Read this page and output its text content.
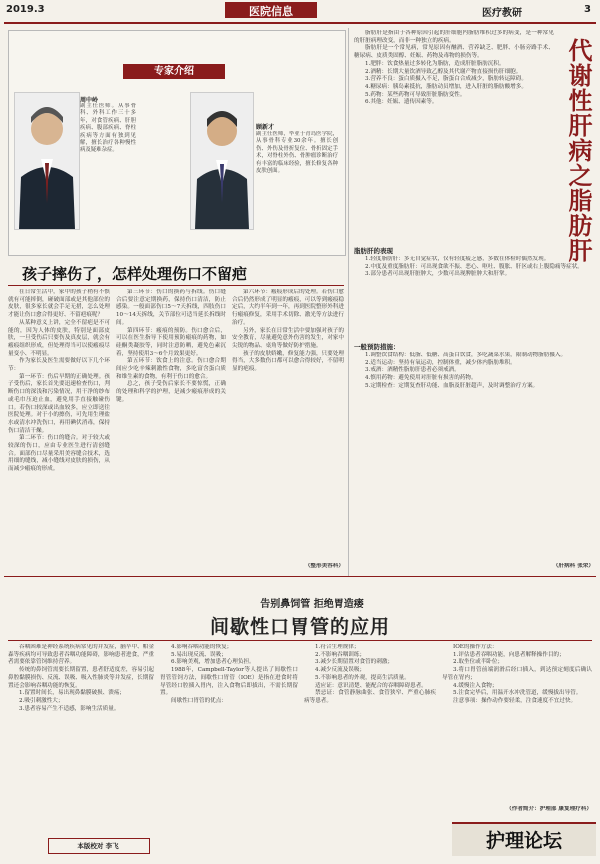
2019.3	医院信息	医疗教研	3
专家介绍
周中岭
副主任医师。从事骨科、外科工作三十多年，对食管疾病、肝胆疾病、腹部疾病、脊柱疾病等方面有独到见解，擅长治疗各种慢性病及疑难杂症。
顾新才
副主任医师，毕业于青岛医学院，从事骨科专业30余年。擅长创伤、外伤及骨折复位、骨折固定手术，对脊柱外伤、骨肿瘤诊断治疗有丰富的临床经验，擅长修复各种皮肤创面。
孩子摔伤了，怎样处理伤口不留疤

在日常生活中，家中的孩子稍有不慎就有可能摔倒，碰破面部或是其他部位的皮肤，很多家长就会手足无措，怎么处理才能让伤口愈合得更好、不留疤痕呢？

从某种意义上讲，完全不留疤是不可能的，因为人体的皮肤，特别是面部皮肤，一旦受伤后只要伤及真皮层，就会有瘢痕组织形成，但处理得当可以使瘢痕尽量变小、不明显。

作为家长及医生需要做好以下几个环节：

第一环节：伤后早期的正确处理。孩子受伤后，家长首先要迅速检查伤口，判断伤口的深浅和污染情况，用干净的纱布或毛巾压迫止血，避免用手直接触碰伤口。若伤口较深或出血较多，应立即送往医院处理。对于小的擦伤，可先用生理盐水或清水冲洗伤口，再用碘伏消毒，保持伤口清洁干燥。

第二环节：伤口的缝合。对于较大或较深的伤口，应由专业医生进行清创缝合。面部伤口尽量采用美容缝合技术，选用细的缝线，减小缝线对皮肤的损伤，从而减少瘢痕的形成。

第三环节：伤口的换药与拆线。伤口缝合后要注意定期换药，保持伤口清洁，防止感染。一般面部伤口5～7天拆线，四肢伤口10～14天拆线，关节部位可适当延长拆线时间。

第四环节：瘢痕的预防。伤口愈合后，可以在医生指导下使用预防瘢痕的药物，如硅酮类凝胶等，同时注意防晒，避免色素沉着，坚持使用3～6个月效果更好。

第五环节：饮食上的注意。伤口愈合期间应少吃辛辣刺激性食物，多吃富含蛋白质和维生素的食物，有利于伤口的愈合。

总之，孩子受伤后家长不要惊慌，正确的处理和科学的护理，是减少瘢痕形成的关键。

第六环节：瘢痕形成后的处理。若伤口愈合后仍然形成了明显的瘢痕，可以等到瘢痕稳定后，大约半年到一年，再到医院整形外科进行瘢痕修复，采用手术切除、激光等方法进行治疗。

另外，家长在日常生活中要加强对孩子的安全教育，尽量避免意外伤害的发生，对家中尖锐的物品、桌角等做好防护措施。

孩子的皮肤娇嫩，修复能力强，只要处理得当，大多数伤口都可以愈合得较好，不留明显的疤痕。

（整形美容科）
代谢性肝病之脂肪肝

脂肪肝是指由于各种原因引起的肝细胞内脂肪堆积过多的病变，是一种常见的肝脏病理改变，而非一种独立的疾病。

脂肪肝是一个常见病，常见原因有酗酒、营养缺乏、肥胖、小肠旁路手术、糖尿病、皮质类固醇、妊娠、药物及毒物的损伤等。

1.肥胖：饮食热量过多转化为脂肪，造成肝脏脂肪沉积。

2.酒精：长期大量饮酒导致乙醇及其代谢产物直接损伤肝细胞。

3.营养不良：蛋白质摄入不足，脂蛋白合成减少，脂肪转运障碍。

4.糖尿病：胰岛素抵抗，脂肪动员增加，进入肝脏的脂肪酸增多。

5.药物：某些药物可导致肝脏脂肪变性。

6.其他：妊娠、遗传因素等。

脂肪肝的表现

1.轻度脂肪肝：多无自觉症状，仅有轻度疲乏感，多数在体检时偶然发现。

2.中度及重度脂肪肝：可出现食欲不振、恶心、呕吐、腹胀、肝区或右上腹隐痛等症状。

3.部分患者可出现肝脏肿大，少数可出现脾脏肿大和肝掌。

一般预防措施：

1.调整饮食结构：低脂、低糖、高蛋白饮食，多吃蔬菜水果，限制动物脂肪摄入。

2.适当运动：坚持有氧运动，控制体重，减少体内脂肪堆积。

3.戒酒：酒精性脂肪肝患者必须戒酒。

4.慎用药物：避免使用对肝脏有损害的药物。

5.定期检查：定期复查肝功能、血脂及肝脏超声，及时调整治疗方案。

（肝病科 张荣）
告别鼻饲管 拒绝胃造瘘
间歇性口胃管的应用

吞咽困难是神经系统疾病常见的并发症，脑卒中、帕金森等疾病均可导致患者吞咽功能障碍，影响患者进食，严重者需要依靠管饲维持营养。

传统的鼻饲管需要长期留置，患者舒适度差，容易引起鼻腔黏膜损伤、反流、误吸、吸入性肺炎等并发症，长期留置还会影响吞咽功能的恢复。

1.留置时间长，易出现鼻黏膜破损、溃疡；

2.吸引刺激性大；

3.患者容易产生不适感，影响生活质量。

本版校对 李飞

4.影响吞咽功能的恢复；

5.易出现反流、误吸；

6.影响美观，增加患者心理负担。

1988年，Campbell-Taylor等人提出了间歇性口胃管管饲方法，间歇性口胃管（IOE）是指在进食时将导管经口腔插入胃内，注入食物后即拔出，不需长期留置。

间歇性口胃管的优点：

1.符合生理规律；

2.不影响吞咽训练；

3.减少长期留置对食管的刺激；

4.减少反流及误吸；

5.不影响患者的外观，提高生活质量。

适应证：意识清楚、能配合的吞咽障碍患者。

禁忌证：食管静脉曲张、食管狭窄、严重心肺疾病等患者。

IOE的操作方法：

1.评估患者吞咽功能，向患者解释操作目的；

2.取坐位或半卧位；

3.将口胃管前端润滑后经口插入，到达预定刻度后确认导管在胃内；

4.缓慢注入食物；

5.注食完毕后，用温开水冲洗管道，缓慢拔出导管。

注意事项：操作动作要轻柔，注食速度不宜过快。

（作者简介：护理部 康复理疗科）
护理论坛
